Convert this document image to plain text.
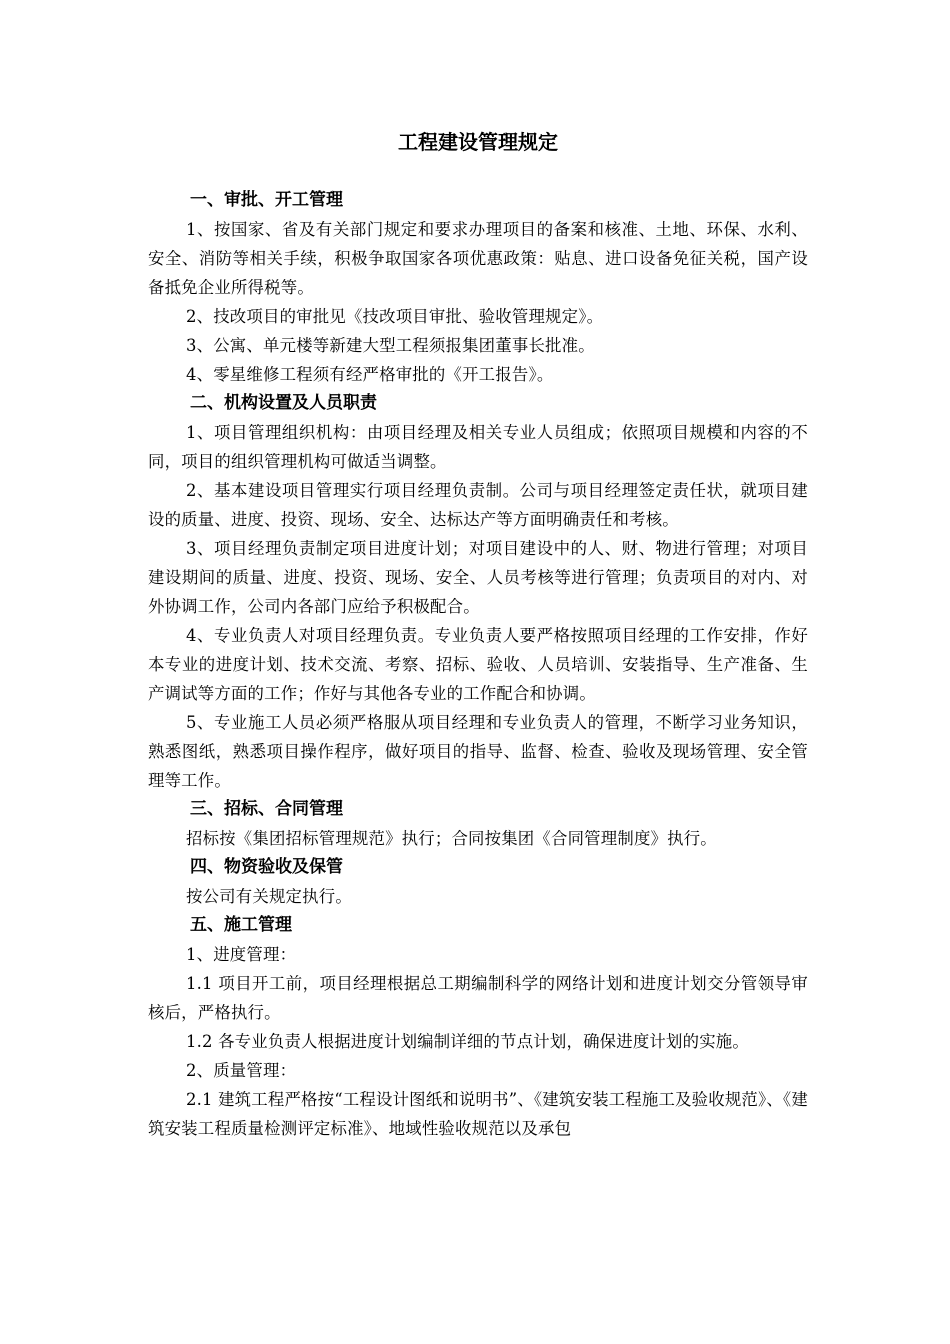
工程建设管理规定
一、审批、开工管理

1、按国家、省及有关部门规定和要求办理项目的备案和核准、土地、环保、水利、安全、消防等相关手续，积极争取国家各项优惠政策：贴息、进口设备免征关税，国产设备抵免企业所得税等。

2、技改项目的审批见《技改项目审批、验收管理规定》。

3、公寓、单元楼等新建大型工程须报集团董事长批准。

4、零星维修工程须有经严格审批的《开工报告》。

二、机构设置及人员职责

1、项目管理组织机构：由项目经理及相关专业人员组成；依照项目规模和内容的不同，项目的组织管理机构可做适当调整。

2、基本建设项目管理实行项目经理负责制。公司与项目经理签定责任状，就项目建设的质量、进度、投资、现场、安全、达标达产等方面明确责任和考核。

3、项目经理负责制定项目进度计划；对项目建设中的人、财、物进行管理；对项目建设期间的质量、进度、投资、现场、安全、人员考核等进行管理；负责项目的对内、对外协调工作，公司内各部门应给予积极配合。

4、专业负责人对项目经理负责。专业负责人要严格按照项目经理的工作安排，作好本专业的进度计划、技术交流、考察、招标、验收、人员培训、安装指导、生产准备、生产调试等方面的工作；作好与其他各专业的工作配合和协调。

5、专业施工人员必须严格服从项目经理和专业负责人的管理，不断学习业务知识，熟悉图纸，熟悉项目操作程序，做好项目的指导、监督、检查、验收及现场管理、安全管理等工作。

三、招标、合同管理

招标按《集团招标管理规范》执行；合同按集团《合同管理制度》执行。

四、物资验收及保管

按公司有关规定执行。

五、施工管理

1、进度管理：

1.1 项目开工前，项目经理根据总工期编制科学的网络计划和进度计划交分管领导审核后，严格执行。

1.2 各专业负责人根据进度计划编制详细的节点计划，确保进度计划的实施。

2、质量管理：

2.1 建筑工程严格按“工程设计图纸和说明书”、《建筑安装工程施工及验收规范》、《建筑安装工程质量检测评定标准》、地域性验收规范以及承包
